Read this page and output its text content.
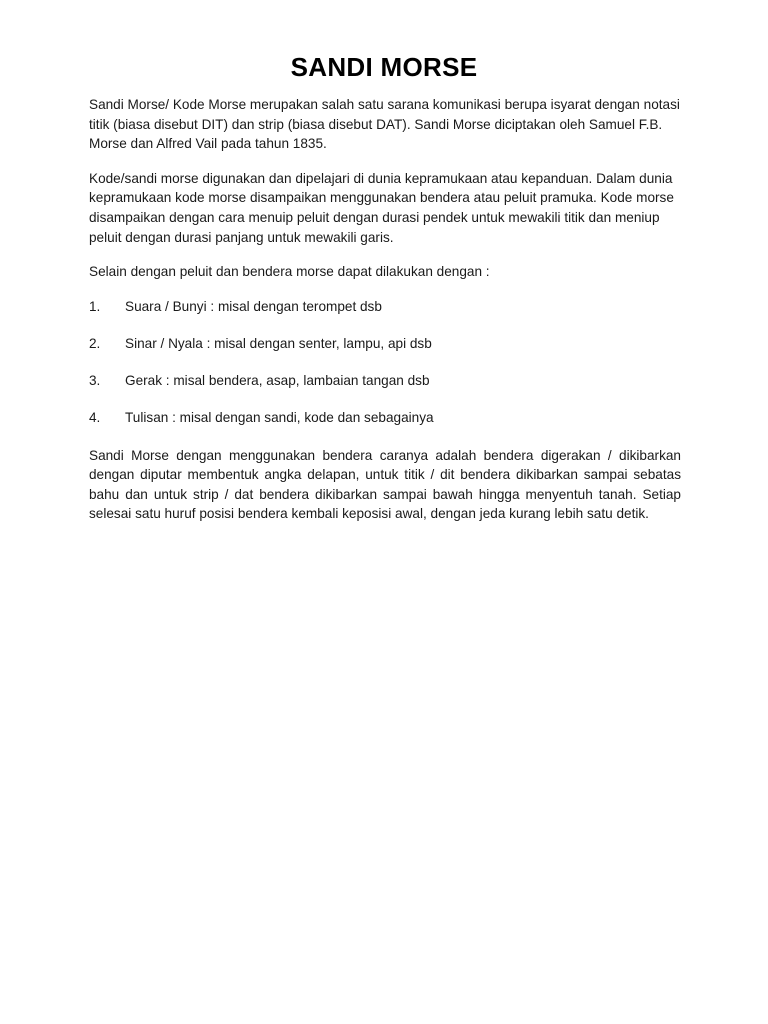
SANDI MORSE

Sandi Morse/ Kode Morse merupakan salah satu sarana komunikasi berupa isyarat dengan notasi titik (biasa disebut DIT) dan strip (biasa disebut DAT). Sandi Morse diciptakan oleh Samuel F.B. Morse dan Alfred Vail pada tahun 1835.

Kode/sandi morse digunakan dan dipelajari di dunia kepramukaan atau kepanduan. Dalam dunia kepramukaan kode morse disampaikan menggunakan bendera atau peluit pramuka. Kode morse disampaikan dengan cara menuip peluit dengan durasi pendek untuk mewakili titik dan meniup peluit dengan durasi panjang untuk mewakili garis.

Selain dengan peluit dan bendera morse dapat dilakukan dengan :

1.	Suara / Bunyi : misal dengan terompet dsb
2.	Sinar / Nyala : misal dengan senter, lampu, api dsb
3.	Gerak : misal bendera, asap, lambaian tangan dsb
4.	Tulisan : misal dengan sandi, kode dan sebagainya

Sandi Morse dengan menggunakan bendera caranya adalah bendera digerakan / dikibarkan dengan diputar membentuk angka delapan, untuk titik / dit bendera dikibarkan sampai sebatas bahu dan untuk strip / dat bendera dikibarkan sampai bawah hingga menyentuh tanah. Setiap selesai satu huruf posisi bendera kembali keposisi awal, dengan jeda kurang lebih satu detik.
